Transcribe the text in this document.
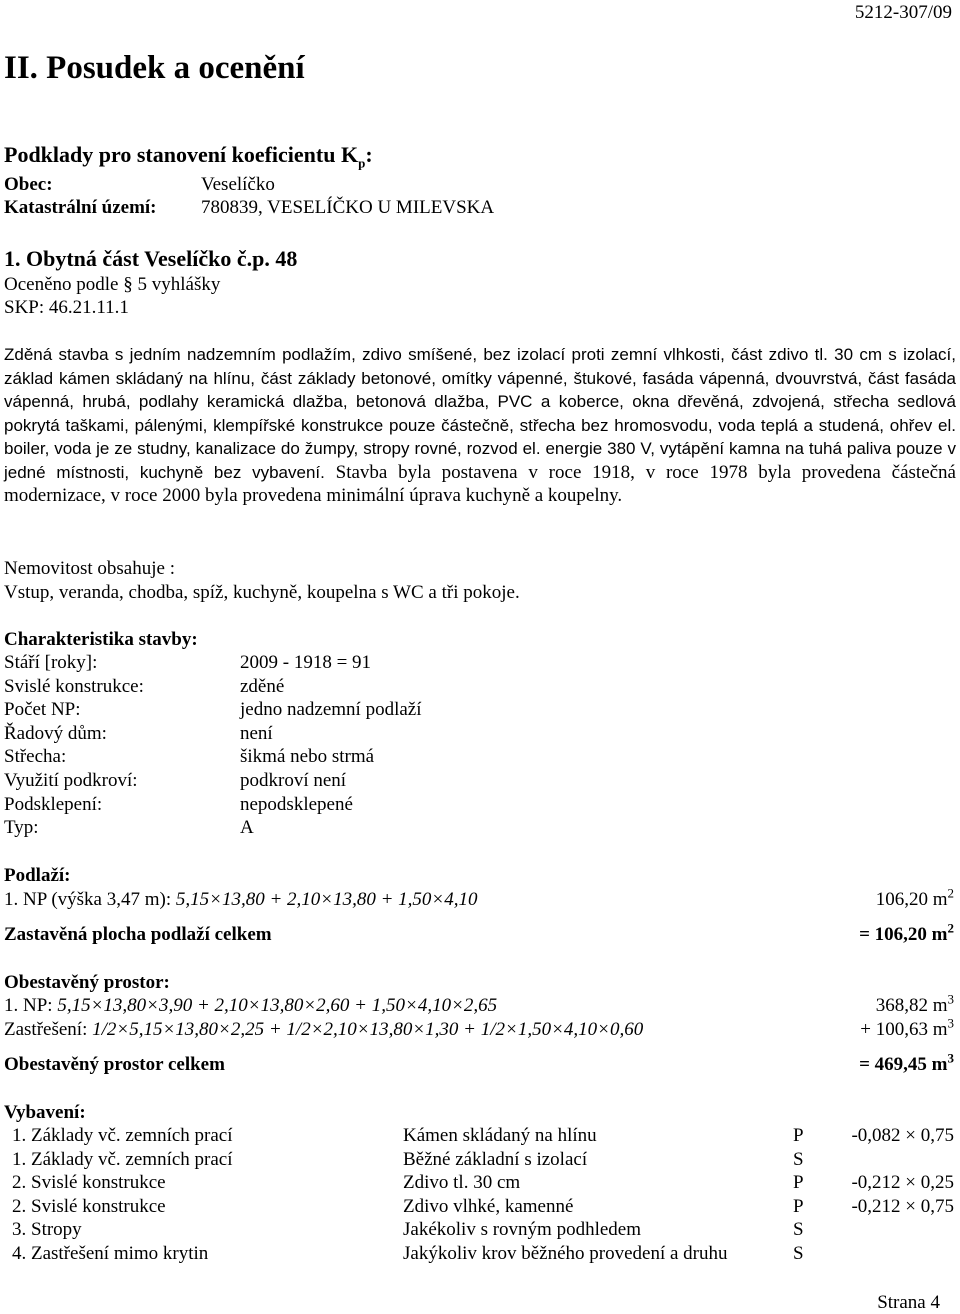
5212-307/09
II. Posudek a ocenění
Podklady pro stanovení koeficientu $K_p$:
Obec:	Veselíčko
Katastrální území: 780839, VESELÍČKO U MILEVSKA
1. Obytná část Veselíčko č.p. 48
Oceněno podle § 5 vyhlášky
SKP: 46.21.11.1
Zděná stavba s jedním nadzemním podlažím, zdivo smíšené, bez izolací proti zemní vlhkosti, část zdivo tl. 30 cm s izolací, základ kámen skládaný na hlínu, část základy betonové, omítky vápenné, štukové, fasáda vápenná, dvouvrstvá, část fasáda vápenná, hrubá, podlahy keramická dlažba, betonová dlažba, PVC a koberce, okna dřevěná, zdvojená, střecha sedlová pokrytá taškami, pálenými, klempířské konstrukce pouze částečně, střecha bez hromosvodu, voda teplá a studená, ohřev el. boiler, voda je ze studny, kanalizace do žumpy, stropy rovné, rozvod el. energie 380 V, vytápění kamna na tuhá paliva pouze v jedné místnosti, kuchyně bez vybavení. Stavba byla postavena v roce 1918, v roce 1978 byla provedena částečná modernizace, v roce 2000 byla provedena minimální úprava kuchyně a koupelny.
Nemovitost obsahuje :
Vstup, veranda, chodba, spíž, kuchyně, koupelna s WC a tři pokoje.
Charakteristika stavby:
Stáří [roky]:	2009 - 1918 = 91
Svislé konstrukce:	zděné
Počet NP:	jedno nadzemní podlaží
Řadový dům:	není
Střecha:	šikmá nebo strmá
Využití podkroví:	podkroví není
Podsklepení:	nepodsklepené
Typ:	A
Podlaží:
1. NP (výška 3,47 m): 5,15×13,80 + 2,10×13,80 + 1,50×4,10	106,20 $m^2$
Zastavěná plocha podlaží celkem	= 106,20 $m^2$
Obestavěný prostor:
1. NP: 5,15×13,80×3,90 + 2,10×13,80×2,60 + 1,50×4,10×2,65	368,82 $m^3$
Zastřešení: 1/2×5,15×13,80×2,25 + 1/2×2,10×13,80×1,30 + 1/2×1,50×4,10×0,60	+ 100,63 $m^3$
Obestavěný prostor celkem	= 469,45 $m^3$
Vybavení:
1. Základy vč. zemních prací	Kámen skládaný na hlínu	P	-0,082 × 0,75
1. Základy vč. zemních prací	Běžné základní s izolací	S
2. Svislé konstrukce	Zdivo tl. 30 cm	P	-0,212 × 0,25
2. Svislé konstrukce	Zdivo vlhké, kamenné	P	-0,212 × 0,75
3. Stropy	Jakékoliv s rovným podhledem	S
4. Zastřešení mimo krytin	Jakýkoliv krov běžného provedení a druhu	S
Strana 4
